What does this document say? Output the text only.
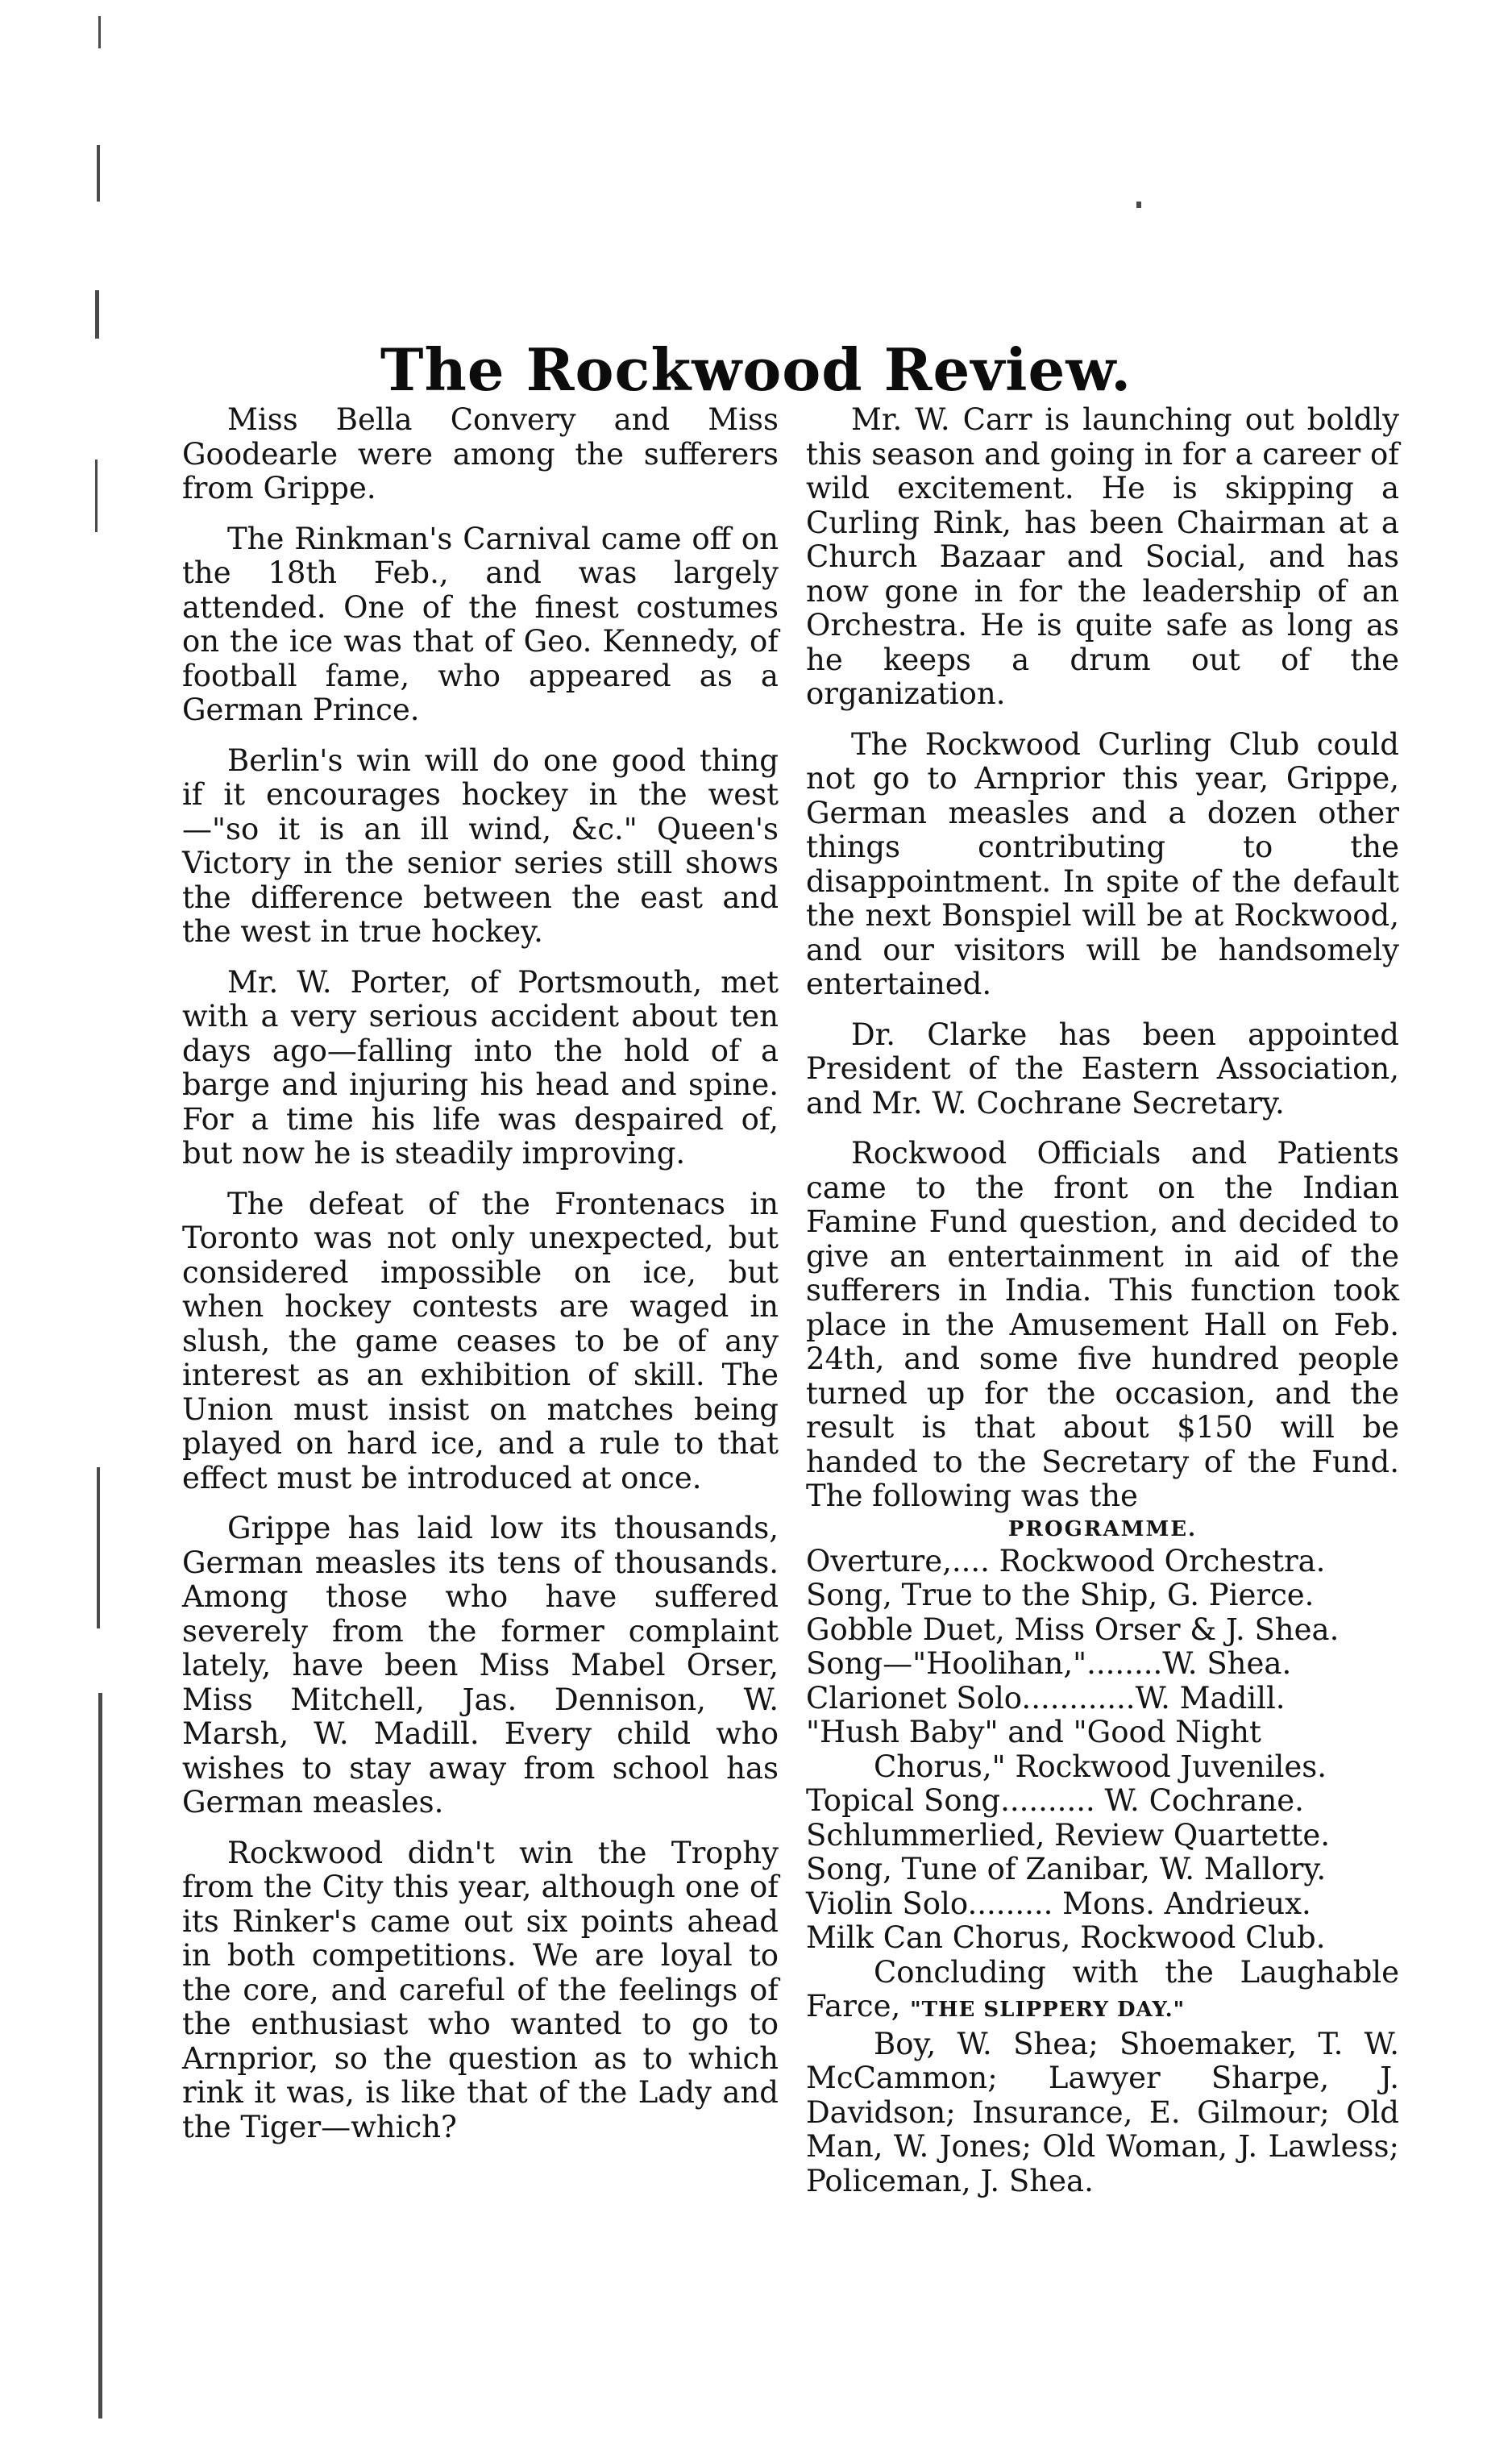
The Rockwood Review.

Miss Bella Convery and Miss Goodearle were among the sufferers from Grippe.

The Rinkman's Carnival came off on the 18th Feb., and was largely attended. One of the finest costumes on the ice was that of Geo. Kennedy, of football fame, who appeared as a German Prince.

Berlin's win will do one good thing if it encourages hockey in the west—"so it is an ill wind, &c." Queen's Victory in the senior series still shows the difference between the east and the west in true hockey.

Mr. W. Porter, of Portsmouth, met with a very serious accident about ten days ago—falling into the hold of a barge and injuring his head and spine. For a time his life was despaired of, but now he is steadily improving.

The defeat of the Frontenacs in Toronto was not only unexpected, but considered impossible on ice, but when hockey contests are waged in slush, the game ceases to be of any interest as an exhibition of skill. The Union must insist on matches being played on hard ice, and a rule to that effect must be introduced at once.

Grippe has laid low its thousands, German measles its tens of thousands. Among those who have suffered severely from the former complaint lately, have been Miss Mabel Orser, Miss Mitchell, Jas. Dennison, W. Marsh, W. Madill. Every child who wishes to stay away from school has German measles.

Rockwood didn't win the Trophy from the City this year, although one of its Rinker's came out six points ahead in both competitions. We are loyal to the core, and careful of the feelings of the enthusiast who wanted to go to Arnprior, so the question as to which rink it was, is like that of the Lady and the Tiger—which?

Mr. W. Carr is launching out boldly this season and going in for a career of wild excitement. He is skipping a Curling Rink, has been Chairman at a Church Bazaar and Social, and has now gone in for the leadership of an Orchestra. He is quite safe as long as he keeps a drum out of the organization.

The Rockwood Curling Club could not go to Arnprior this year, Grippe, German measles and a dozen other things contributing to the disappointment. In spite of the default the next Bonspiel will be at Rockwood, and our visitors will be handsomely entertained.

Dr. Clarke has been appointed President of the Eastern Association, and Mr. W. Cochrane Secretary.

Rockwood Officials and Patients came to the front on the Indian Famine Fund question, and decided to give an entertainment in aid of the sufferers in India. This function took place in the Amusement Hall on Feb. 24th, and some five hundred people turned up for the occasion, and the result is that about $150 will be handed to the Secretary of the Fund. The following was the

PROGRAMME.

Overture,.... Rockwood Orchestra.

Song, True to the Ship, G. Pierce.

Gobble Duet, Miss Orser & J. Shea.

Song—"Hoolihan,"........W. Shea.

Clarionet Solo............W. Madill.

"Hush Baby" and "Good Night

Chorus," Rockwood Juveniles.

Topical Song.......... W. Cochrane.

Schlummerlied, Review Quartette.

Song, Tune of Zanibar, W. Mallory.

Violin Solo......... Mons. Andrieux.

Milk Can Chorus, Rockwood Club.

Concluding with the Laughable Farce, "THE SLIPPERY DAY."

Boy, W. Shea; Shoemaker, T. W. McCammon; Lawyer Sharpe, J. Davidson; Insurance, E. Gilmour; Old Man, W. Jones; Old Woman, J. Lawless; Policeman, J. Shea.
